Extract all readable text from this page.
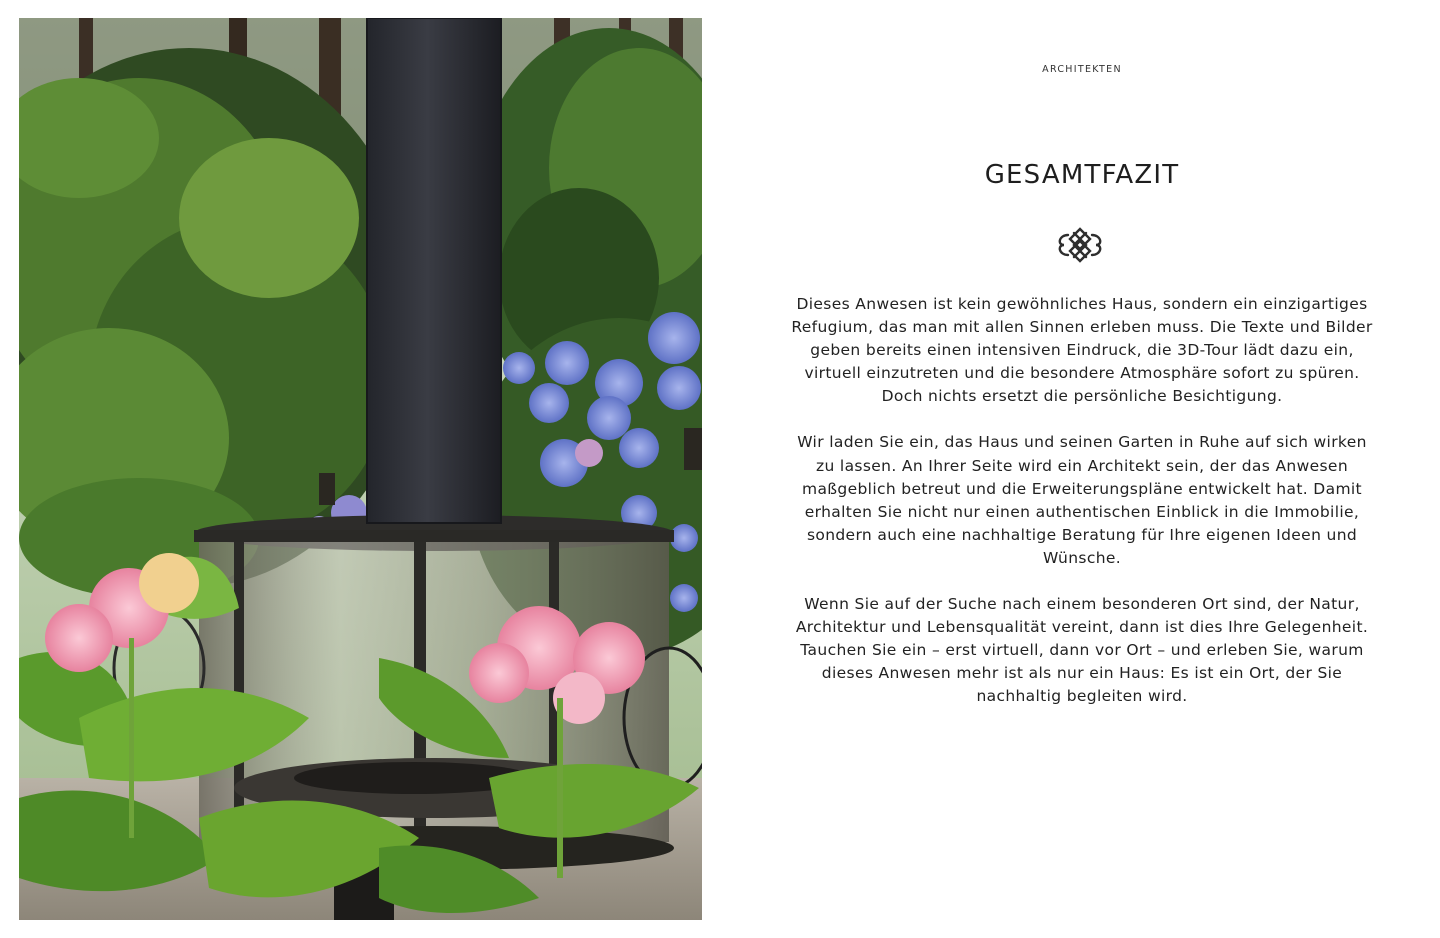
ARCHITEKTEN
GESAMTFAZIT

Dieses Anwesen ist kein gewöhnliches Haus, sondern ein einzigartiges Refugium, das man mit allen Sinnen erleben muss. Die Texte und Bilder geben bereits einen intensiven Eindruck, die 3D-Tour lädt dazu ein, virtuell einzutreten und die besondere Atmosphäre sofort zu spüren. Doch nichts ersetzt die persönliche Besichtigung.

Wir laden Sie ein, das Haus und seinen Garten in Ruhe auf sich wirken zu lassen. An Ihrer Seite wird ein Architekt sein, der das Anwesen maßgeblich betreut und die Erweiterungspläne entwickelt hat. Damit erhalten Sie nicht nur einen authentischen Einblick in die Immobilie, sondern auch eine nachhaltige Beratung für Ihre eigenen Ideen und Wünsche.

Wenn Sie auf der Suche nach einem besonderen Ort sind, der Natur, Architektur und Lebensqualität vereint, dann ist dies Ihre Gelegenheit. Tauchen Sie ein – erst virtuell, dann vor Ort – und erleben Sie, warum dieses Anwesen mehr ist als nur ein Haus: Es ist ein Ort, der Sie nachhaltig begleiten wird.
